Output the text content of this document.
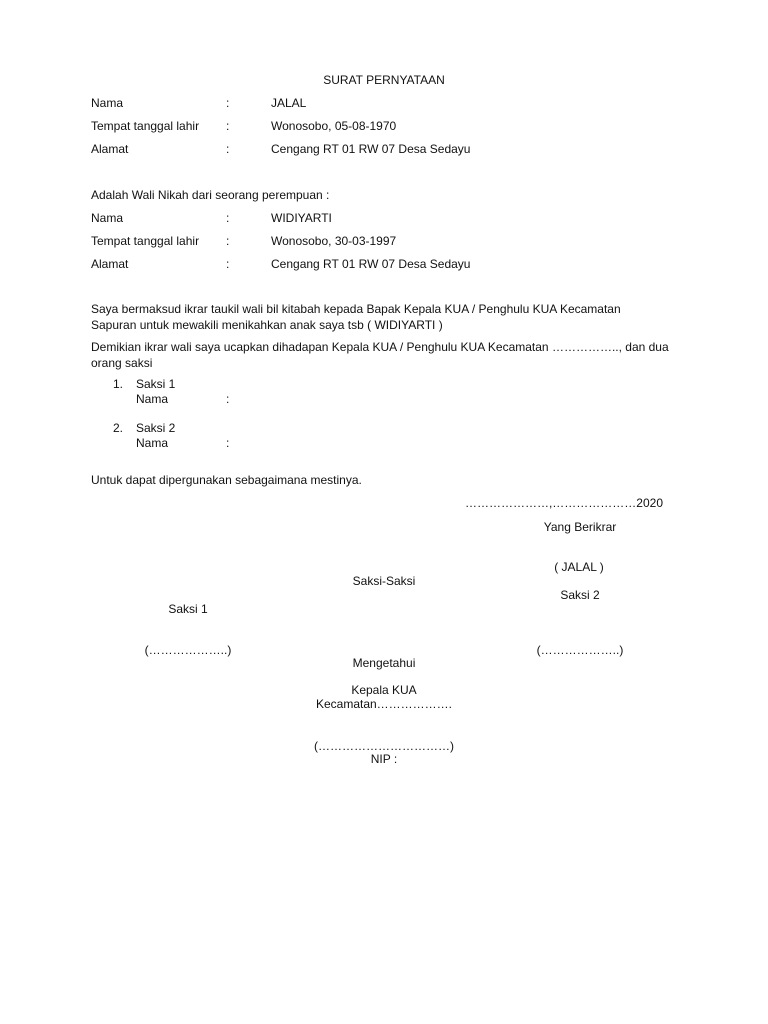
SURAT PERNYATAAN
Nama	:	JALAL
Tempat tanggal lahir :	Wonosobo, 05-08-1970
Alamat	:	Cengang RT 01 RW 07 Desa Sedayu
Adalah Wali Nikah dari seorang perempuan :
Nama	:	WIDIYARTI
Tempat tanggal lahir :	Wonosobo, 30-03-1997
Alamat	:	Cengang RT 01 RW 07 Desa Sedayu
Saya bermaksud ikrar taukil wali bil kitabah kepada Bapak Kepala KUA / Penghulu KUA Kecamatan
Sapuran untuk mewakili menikahkan anak saya tsb ( WIDIYARTI )
Demikian ikrar wali saya ucapkan dihadapan Kepala KUA / Penghulu KUA Kecamatan …………….., dan dua
orang saksi
1. Saksi 1
Nama	:
2. Saksi 2
Nama	:
Untuk dapat dipergunakan sebagaimana mestinya.
…………………,…………………2020
Yang Berikrar
( JALAL )
Saksi-Saksi
Saksi 2
Saksi 1
(………………..)	(………………..)
Mengetahui
Kepala KUA
Kecamatan……………….
(……………………………)
NIP :
